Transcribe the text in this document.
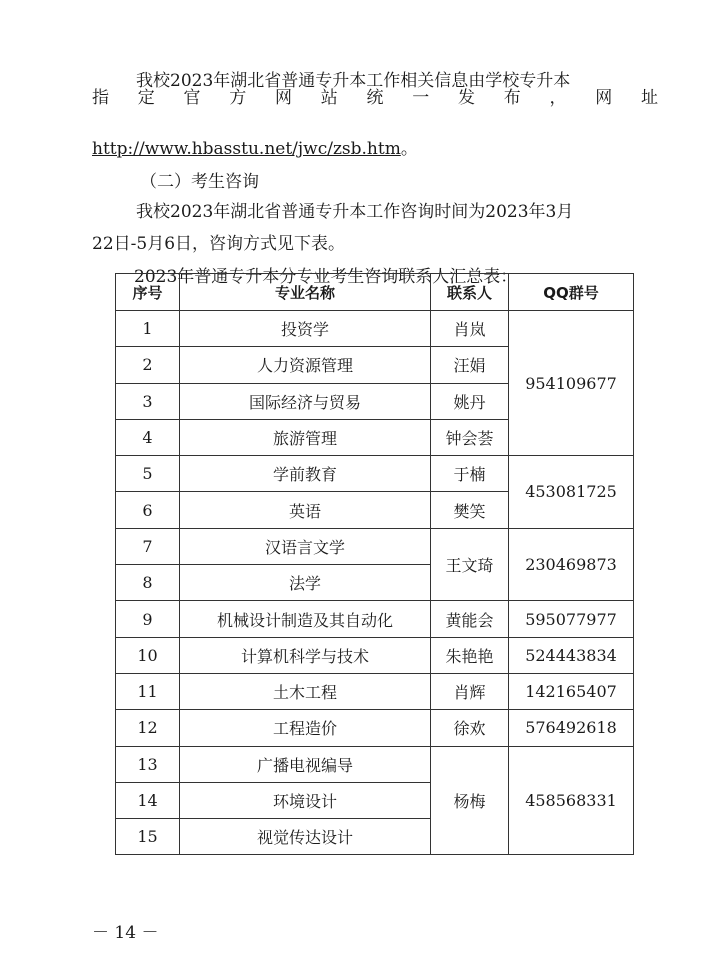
我校2023年湖北省普通专升本工作相关信息由学校专升本

指 定 官 方 网 站 统 一 发 布 ， 网 址

http://www.hbasstu.net/jwc/zsb.htm。

（二）考生咨询

我校2023年湖北省普通专升本工作咨询时间为2023年3月

22日-5月6日，咨询方式见下表。

2023年普通专升本分专业考生咨询联系人汇总表：

序号	专业名称	联系人	QQ群号
1	投资学	肖岚	954109677
2	人力资源管理	汪娟	
3	国际经济与贸易	姚丹	
4	旅游管理	钟会荟	
5	学前教育	于楠	453081725
6	英语	樊笑	
7	汉语言文学	王文琦	230469873
8	法学		
9	机械设计制造及其自动化	黄能会	595077977
10	计算机科学与技术	朱艳艳	524443834
11	土木工程	肖辉	142165407
12	工程造价	徐欢	576492618
13	广播电视编导	杨梅	458568331
14	环境设计		
15	视觉传达设计		
－ 14 －
